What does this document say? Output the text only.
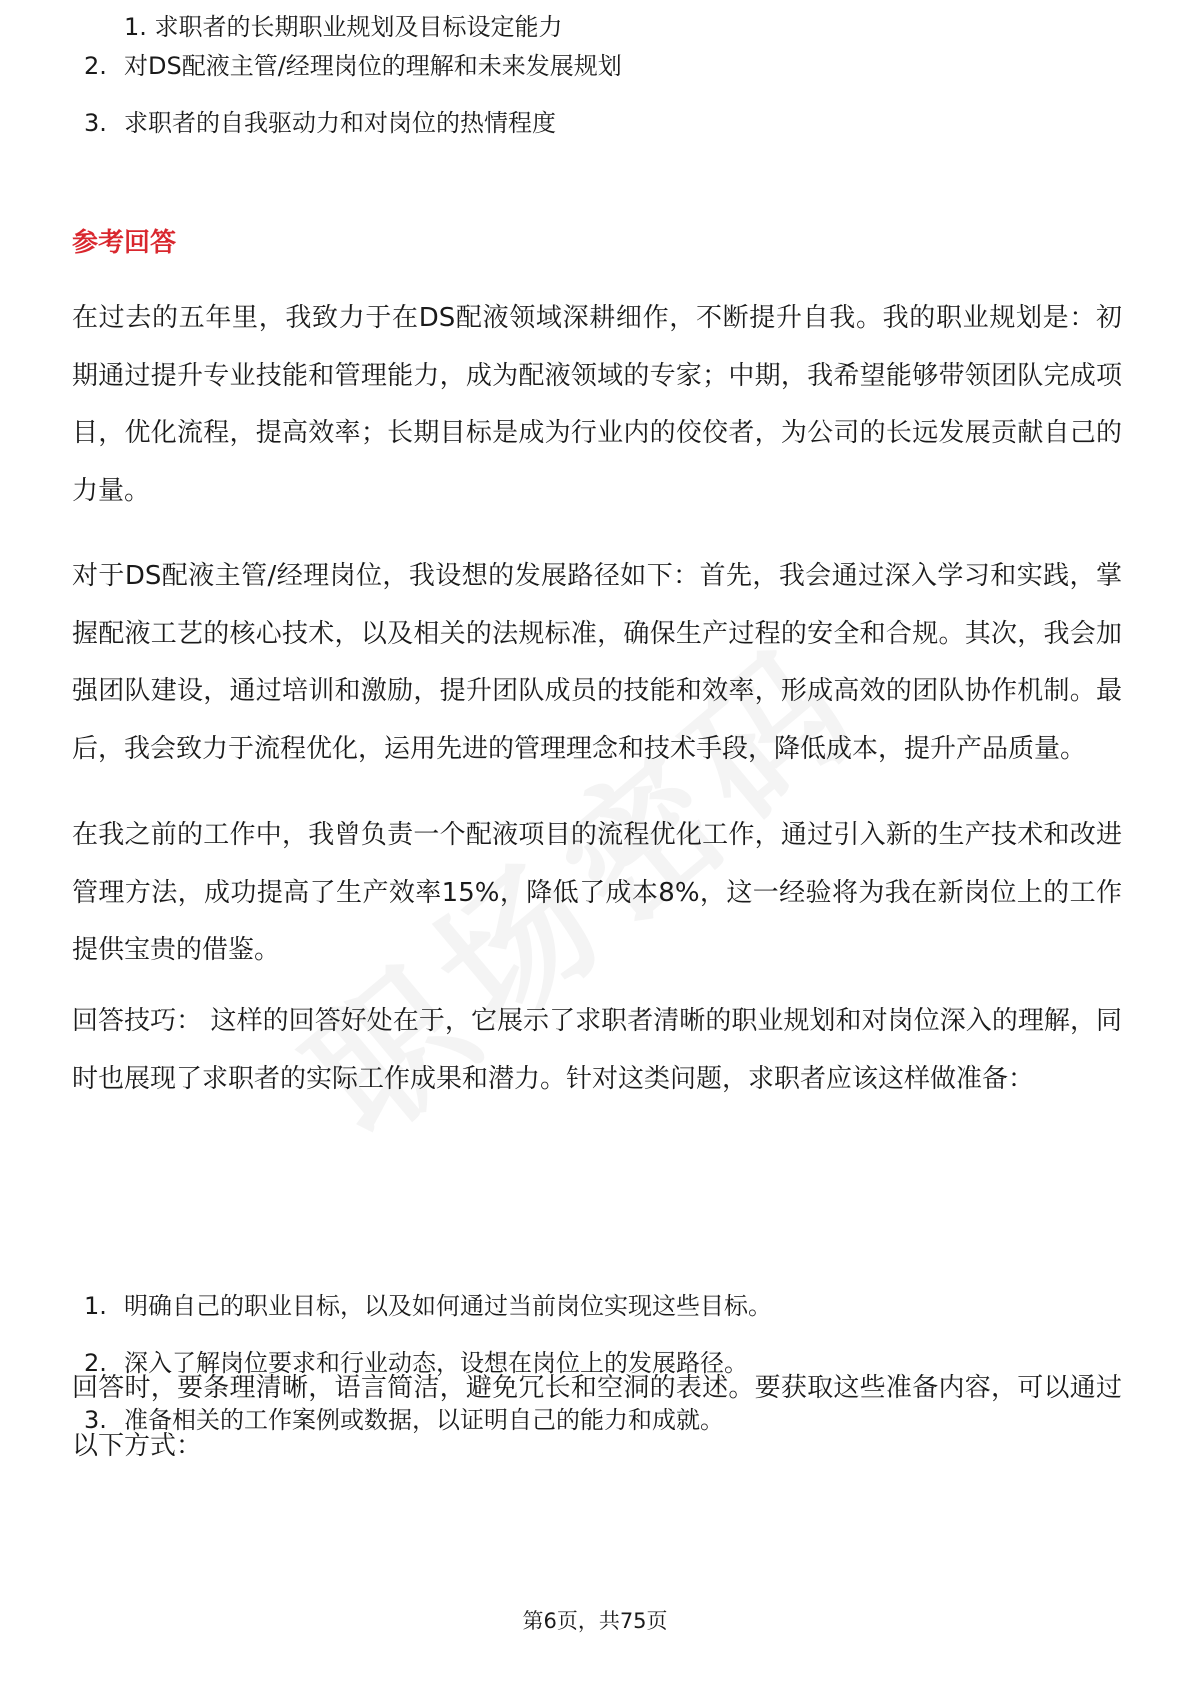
1. 求职者的长期职业规划及目标设定能力
2. 对DS配液主管/经理岗位的理解和未来发展规划
3. 求职者的自我驱动力和对岗位的热情程度
参考回答

在过去的五年里，我致力于在DS配液领域深耕细作，不断提升自我。我的职业规划是：初期通过提升专业技能和管理能力，成为配液领域的专家；中期，我希望能够带领团队完成项目，优化流程，提高效率；长期目标是成为行业内的佼佼者，为公司的长远发展贡献自己的力量。

对于DS配液主管/经理岗位，我设想的发展路径如下：首先，我会通过深入学习和实践，掌握配液工艺的核心技术，以及相关的法规标准，确保生产过程的安全和合规。其次，我会加强团队建设，通过培训和激励，提升团队成员的技能和效率，形成高效的团队协作机制。最后，我会致力于流程优化，运用先进的管理理念和技术手段，降低成本，提升产品质量。

在我之前的工作中，我曾负责一个配液项目的流程优化工作，通过引入新的生产技术和改进管理方法，成功提高了生产效率15%，降低了成本8%，这一经验将为我在新岗位上的工作提供宝贵的借鉴。

回答技巧： 这样的回答好处在于，它展示了求职者清晰的职业规划和对岗位深入的理解，同时也展现了求职者的实际工作成果和潜力。针对这类问题，求职者应该这样做准备：

1. 明确自己的职业目标，以及如何通过当前岗位实现这些目标。
2. 深入了解岗位要求和行业动态，设想在岗位上的发展路径。
3. 准备相关的工作案例或数据，以证明自己的能力和成就。

回答时，要条理清晰，语言简洁，避免冗长和空洞的表述。要获取这些准备内容，可以通过以下方式：

第6页，共75页
